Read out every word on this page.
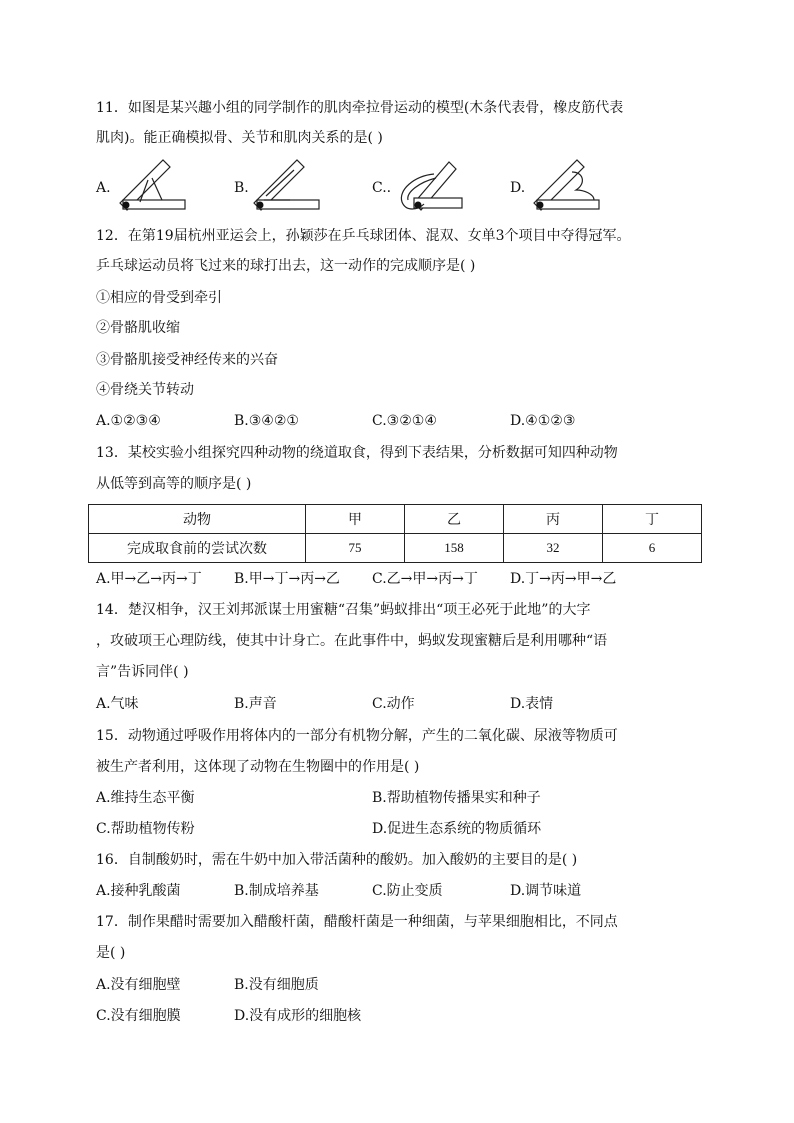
11．如图是某兴趣小组的同学制作的肌肉牵拉骨运动的模型(木条代表骨，橡皮筋代表
肌肉)。能正确模拟骨、关节和肌肉关系的是( )
A.	B.	C..	D.
12．在第19届杭州亚运会上，孙颖莎在乒乓球团体、混双、女单3个项目中夺得冠军。
乒乓球运动员将飞过来的球打出去，这一动作的完成顺序是( )
①相应的骨受到牵引
②骨骼肌收缩
③骨骼肌接受神经传来的兴奋
④骨绕关节转动
A.①②③④	B.③④②①	C.③②①④	D.④①②③
13．某校实验小组探究四种动物的绕道取食，得到下表结果，分析数据可知四种动物
从低等到高等的顺序是( )
动物	甲	乙	丙	丁
完成取食前的尝试次数	75	158	32	6
A.甲→乙→丙→丁 B.甲→丁→丙→乙 C.乙→甲→丙→丁 D.丁→丙→甲→乙
14．楚汉相争，汉王刘邦派谋士用蜜糖“召集”蚂蚁排出“项王必死于此地”的大字
，攻破项王心理防线，使其中计身亡。在此事件中，蚂蚁发现蜜糖后是利用哪种“语
言”告诉同伴( )
A.气味	B.声音	C.动作	D.表情
15．动物通过呼吸作用将体内的一部分有机物分解，产生的二氧化碳、尿液等物质可
被生产者利用，这体现了动物在生物圈中的作用是( )
A.维持生态平衡	B.帮助植物传播果实和种子
C.帮助植物传粉	D.促进生态系统的物质循环
16．自制酸奶时，需在牛奶中加入带活菌种的酸奶。加入酸奶的主要目的是( )
A.接种乳酸菌	B.制成培养基	C.防止变质	D.调节味道
17．制作果醋时需要加入醋酸杆菌，醋酸杆菌是一种细菌，与苹果细胞相比，不同点
是( )
A.没有细胞壁	B.没有细胞质
C.没有细胞膜	D.没有成形的细胞核
